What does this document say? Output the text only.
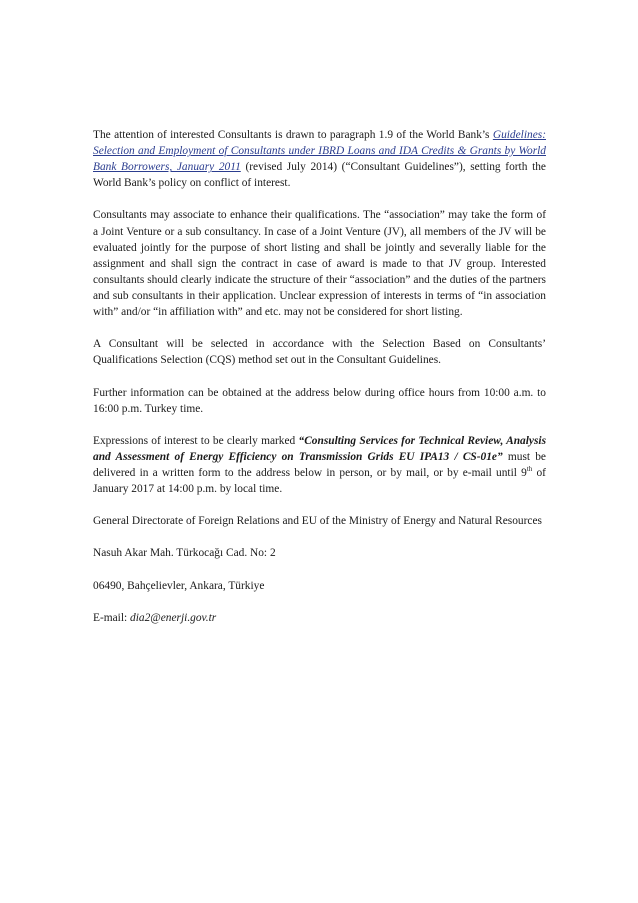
The attention of interested Consultants is drawn to paragraph 1.9 of the World Bank’s Guidelines: Selection and Employment of Consultants under IBRD Loans and IDA Credits & Grants by World Bank Borrowers, January 2011 (revised July 2014) (“Consultant Guidelines”), setting forth the World Bank’s policy on conflict of interest.

Consultants may associate to enhance their qualifications. The “association” may take the form of a Joint Venture or a sub consultancy. In case of a Joint Venture (JV), all members of the JV will be evaluated jointly for the purpose of short listing and shall be jointly and severally liable for the assignment and shall sign the contract in case of award is made to that JV group. Interested consultants should clearly indicate the structure of their “association” and the duties of the partners and sub consultants in their application. Unclear expression of interests in terms of “in association with” and/or “in affiliation with” and etc. may not be considered for short listing.

A Consultant will be selected in accordance with the Selection Based on Consultants’ Qualifications Selection (CQS) method set out in the Consultant Guidelines.

Further information can be obtained at the address below during office hours from 10:00 a.m. to 16:00 p.m. Turkey time.

Expressions of interest to be clearly marked “Consulting Services for Technical Review, Analysis and Assessment of Energy Efficiency on Transmission Grids EU IPA13 / CS-01e” must be delivered in a written form to the address below in person, or by mail, or by e-mail until 9th of January 2017 at 14:00 p.m. by local time.

General Directorate of Foreign Relations and EU of the Ministry of Energy and Natural Resources

Nasuh Akar Mah. Türkocağı Cad. No: 2

06490, Bahçelievler, Ankara, Türkiye

E-mail: dia2@enerji.gov.tr
